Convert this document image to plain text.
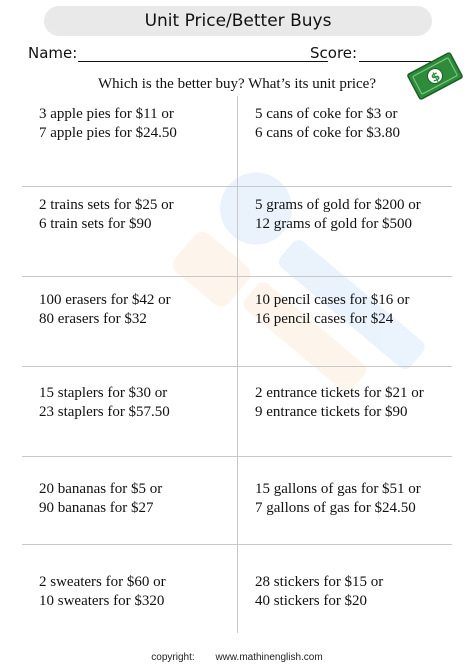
Unit Price/Better Buys
Name:	Score:
$
Which is the better buy? What’s its unit price?
3 apple pies for $11 or
7 apple pies for $24.50
5 cans of coke for $3 or
6 cans of coke for $3.80
2 trains sets for $25 or
6 train sets for $90
5 grams of gold for $200 or
12 grams of gold for $500
100 erasers for $42 or
80 erasers for $32
10 pencil cases for $16 or
16 pencil cases for $24
15 staplers for $30 or
23 staplers for $57.50
2 entrance tickets for $21 or
9 entrance tickets for $90
20 bananas for $5 or
90 bananas for $27
15 gallons of gas for $51 or
7 gallons of gas for $24.50
2 sweaters for $60 or
10 sweaters for $320
28 stickers for $15 or
40 stickers for $20
copyright: www.mathinenglish.com
